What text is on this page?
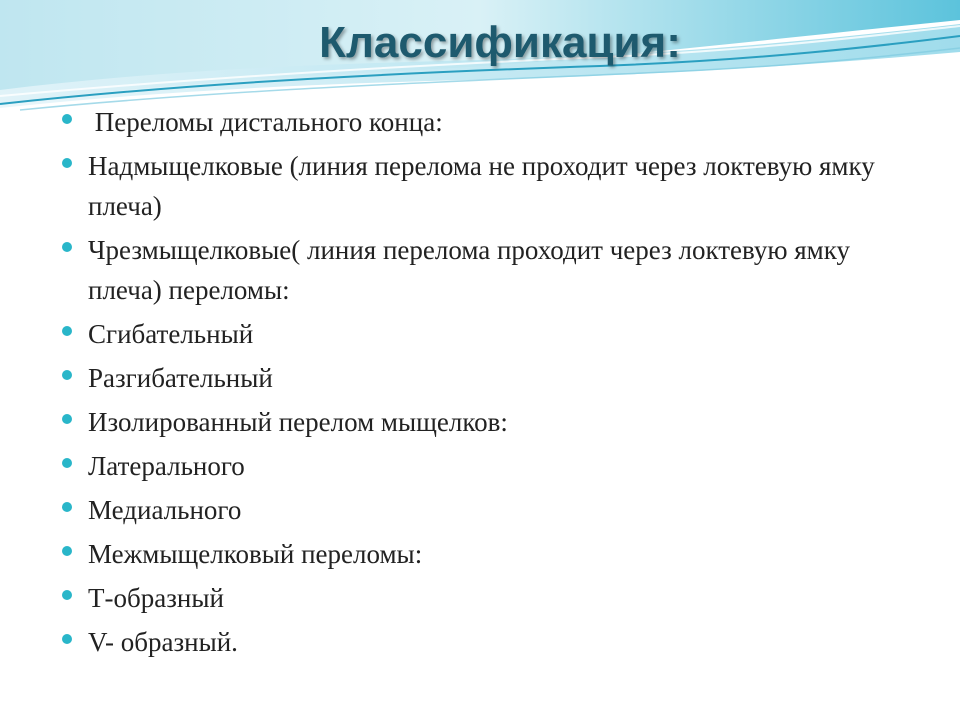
Классификация:
Переломы дистального конца:
Надмыщелковые (линия перелома не проходит через локтевую ямку плеча)
Чрезмыщелковые( линия перелома проходит через локтевую ямку плеча) переломы:
Сгибательный
Разгибательный
Изолированный перелом мыщелков:
Латерального
Медиального
Межмыщелковый переломы:
Т-образный
V- образный.
